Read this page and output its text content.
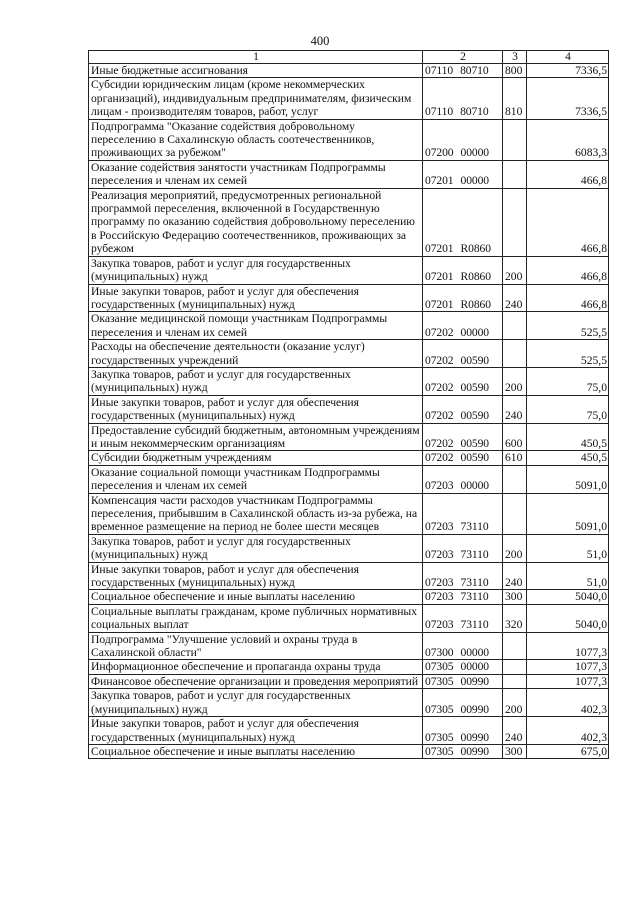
400
1	2	3	4
Иные бюджетные ассигнования	07110 80710	800	7336,5
Субсидии юридическим лицам (кроме некоммерческих организаций), индивидуальным предпринимателям, физическим лицам - производителям товаров, работ, услуг	07110 80710	810	7336,5
Подпрограмма "Оказание содействия добровольному переселению в Сахалинскую область соотечественников, проживающих за рубежом"	07200 00000		6083,3
Оказание содействия занятости участникам Подпрограммы переселения и членам их семей	07201 00000		466,8
Реализация мероприятий, предусмотренных региональной программой переселения, включенной в Государственную программу по оказанию содействия добровольному переселению в Российскую Федерацию соотечественников, проживающих за рубежом	07201 R0860		466,8
Закупка товаров, работ и услуг для государственных (муниципальных) нужд	07201 R0860	200	466,8
Иные закупки товаров, работ и услуг для обеспечения государственных (муниципальных) нужд	07201 R0860	240	466,8
Оказание медицинской помощи участникам Подпрограммы переселения и членам их семей	07202 00000		525,5
Расходы на обеспечение деятельности (оказание услуг) государственных учреждений	07202 00590		525,5
Закупка товаров, работ и услуг для государственных (муниципальных) нужд	07202 00590	200	75,0
Иные закупки товаров, работ и услуг для обеспечения государственных (муниципальных) нужд	07202 00590	240	75,0
Предоставление субсидий бюджетным, автономным учреждениям и иным некоммерческим организациям	07202 00590	600	450,5
Субсидии бюджетным учреждениям	07202 00590	610	450,5
Оказание социальной помощи участникам Подпрограммы переселения и членам их семей	07203 00000		5091,0
Компенсация части расходов участникам Подпрограммы переселения, прибывшим в Сахалинской область из-за рубежа, на временное размещение на период не более шести месяцев	07203 73110		5091,0
Закупка товаров, работ и услуг для государственных (муниципальных) нужд	07203 73110	200	51,0
Иные закупки товаров, работ и услуг для обеспечения государственных (муниципальных) нужд	07203 73110	240	51,0
Социальное обеспечение и иные выплаты населению	07203 73110	300	5040,0
Социальные выплаты гражданам, кроме публичных нормативных социальных выплат	07203 73110	320	5040,0
Подпрограмма "Улучшение условий и охраны труда в Сахалинской области"	07300 00000		1077,3
Информационное обеспечение и пропаганда охраны труда	07305 00000		1077,3
Финансовое обеспечение организации и проведения мероприятий	07305 00990		1077,3
Закупка товаров, работ и услуг для государственных (муниципальных) нужд	07305 00990	200	402,3
Иные закупки товаров, работ и услуг для обеспечения государственных (муниципальных) нужд	07305 00990	240	402,3
Социальное обеспечение и иные выплаты населению	07305 00990	300	675,0
